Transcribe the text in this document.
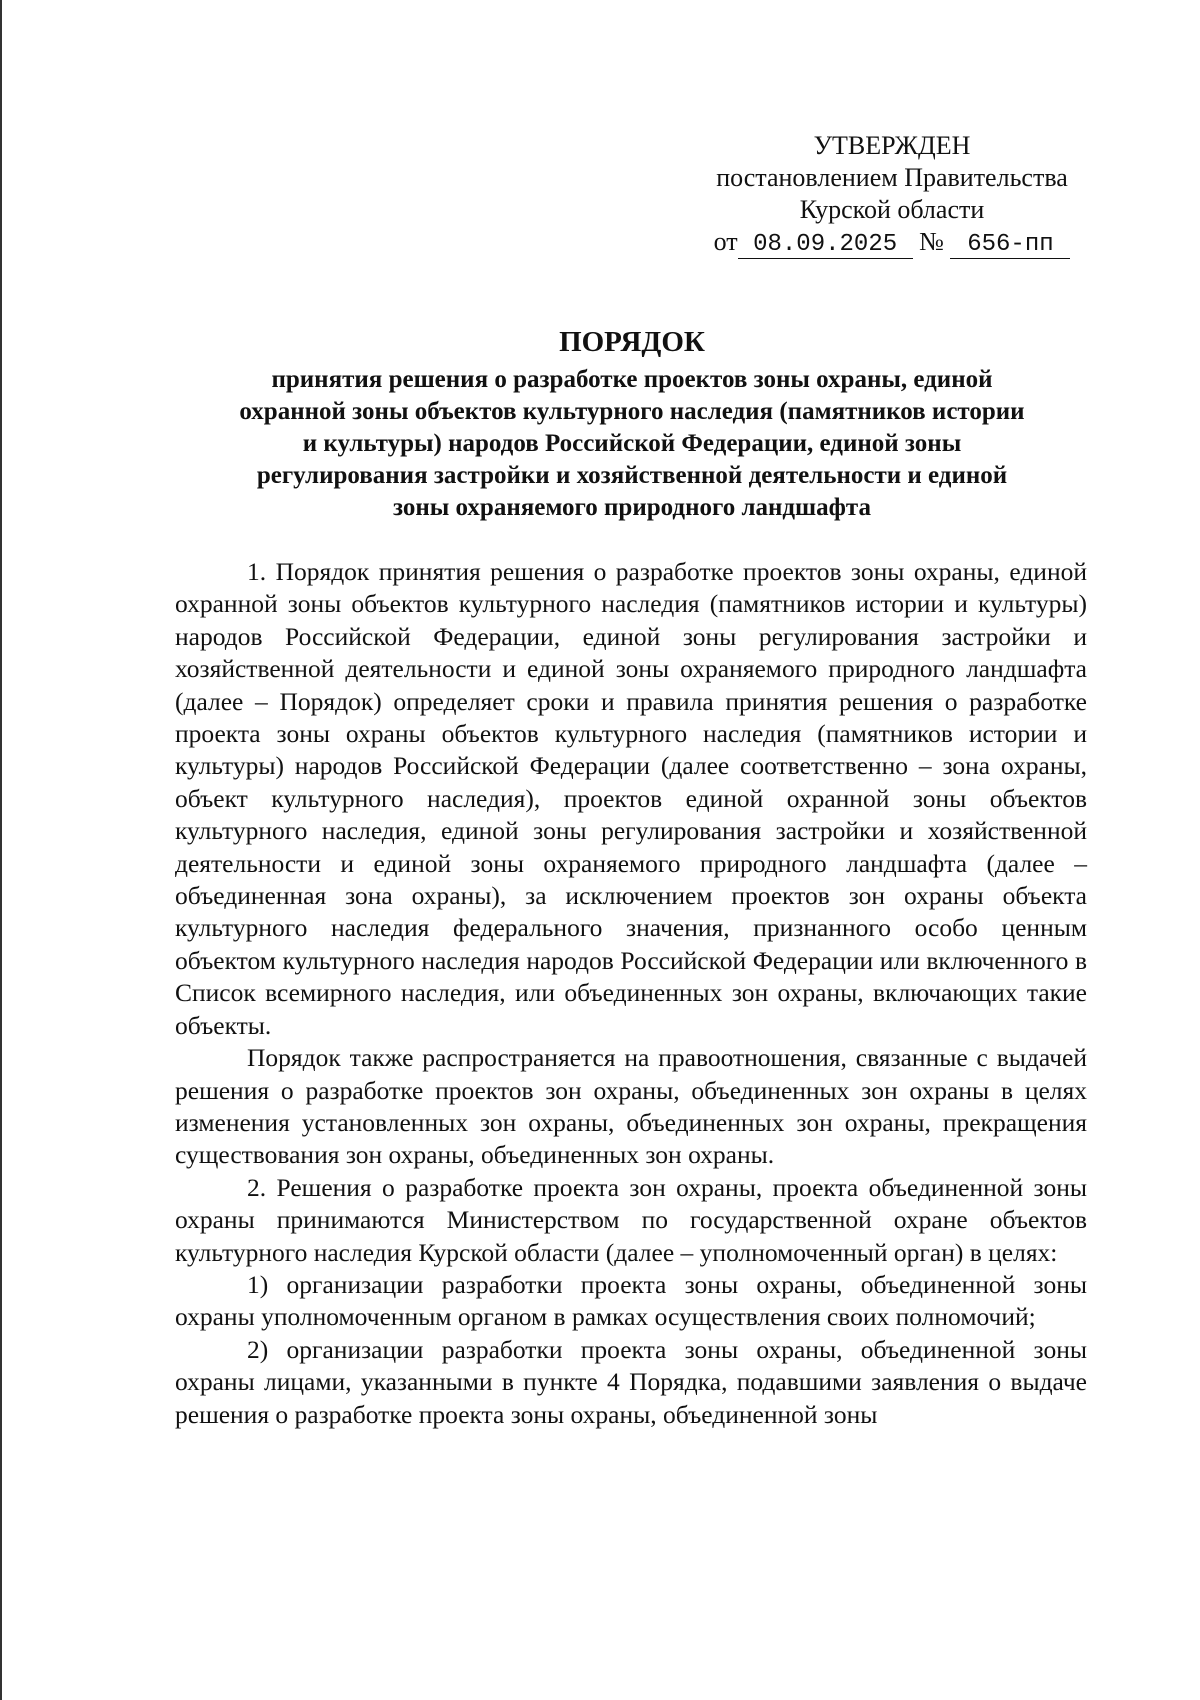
УТВЕРЖДЕН
постановлением Правительства
Курской области
от 08.09.2025 № 656-пп
ПОРЯДОК
принятия решения о разработке проектов зоны охраны, единой
охранной зоны объектов культурного наследия (памятников истории
и культуры) народов Российской Федерации, единой зоны
регулирования застройки и хозяйственной деятельности и единой
зоны охраняемого природного ландшафта

1. Порядок принятия решения о разработке проектов зоны охраны, единой охранной зоны объектов культурного наследия (памятников истории и культуры) народов Российской Федерации, единой зоны регулирования застройки и хозяйственной деятельности и единой зоны охраняемого природного ландшафта (далее – Порядок) определяет сроки и правила принятия решения о разработке проекта зоны охраны объектов культурного наследия (памятников истории и культуры) народов Российской Федерации (далее соответственно – зона охраны, объект культурного наследия), проектов единой охранной зоны объектов культурного наследия, единой зоны регулирования застройки и хозяйственной деятельности и единой зоны охраняемого природного ландшафта (далее – объединенная зона охраны), за исключением проектов зон охраны объекта культурного наследия федерального значения, признанного особо ценным объектом культурного наследия народов Российской Федерации или включенного в Список всемирного наследия, или объединенных зон охраны, включающих такие объекты.

Порядок также распространяется на правоотношения, связанные с выдачей решения о разработке проектов зон охраны, объединенных зон охраны в целях изменения установленных зон охраны, объединенных зон охраны, прекращения существования зон охраны, объединенных зон охраны.

2. Решения о разработке проекта зон охраны, проекта объединенной зоны охраны принимаются Министерством по государственной охране объектов культурного наследия Курской области (далее – уполномоченный орган) в целях:

1) организации разработки проекта зоны охраны, объединенной зоны охраны уполномоченным органом в рамках осуществления своих полномочий;

2) организации разработки проекта зоны охраны, объединенной зоны охраны лицами, указанными в пункте 4 Порядка, подавшими заявления о выдаче решения о разработке проекта зоны охраны, объединенной зоны
